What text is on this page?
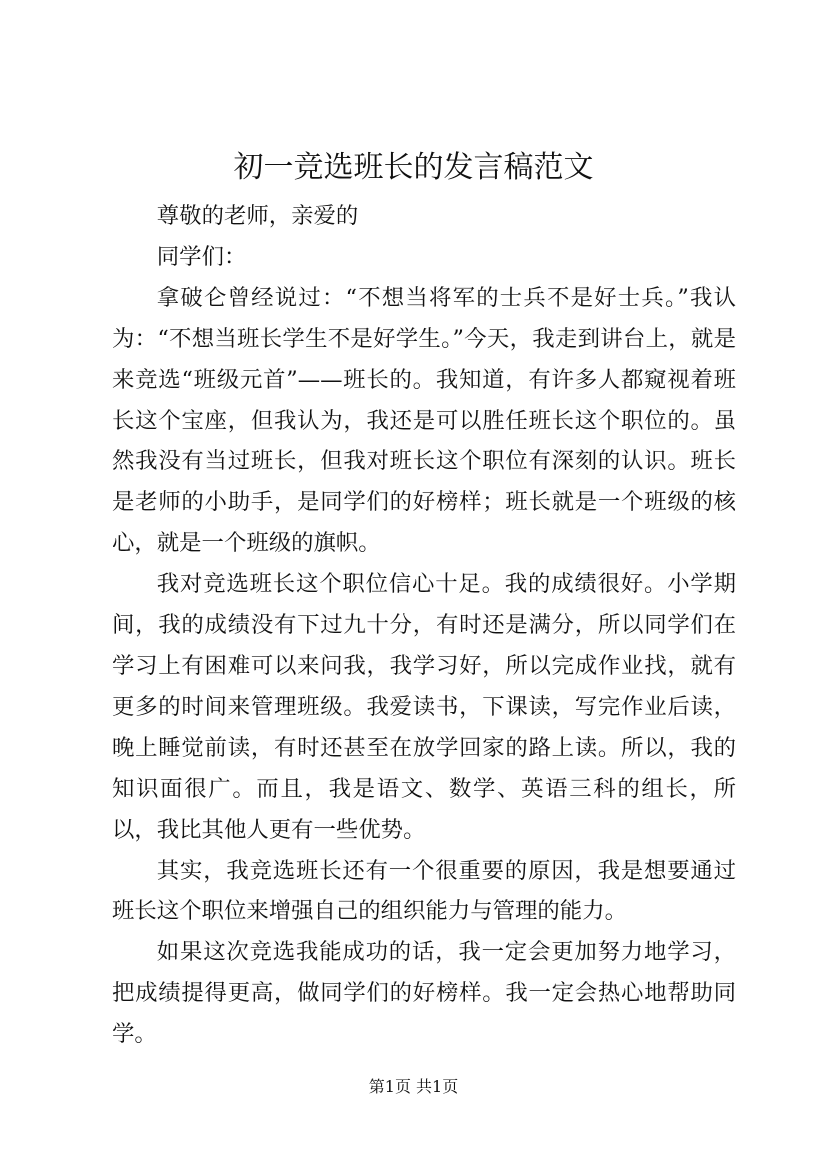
初一竞选班长的发言稿范文

尊敬的老师，亲爱的

同学们：

拿破仑曾经说过：“不想当将军的士兵不是好士兵。”我认为：“不想当班长学生不是好学生。”今天，我走到讲台上，就是来竞选“班级元首”——班长的。我知道，有许多人都窥视着班长这个宝座，但我认为，我还是可以胜任班长这个职位的。虽然我没有当过班长，但我对班长这个职位有深刻的认识。班长是老师的小助手，是同学们的好榜样；班长就是一个班级的核心，就是一个班级的旗帜。

我对竞选班长这个职位信心十足。我的成绩很好。小学期间，我的成绩没有下过九十分，有时还是满分，所以同学们在学习上有困难可以来问我，我学习好，所以完成作业找，就有更多的时间来管理班级。我爱读书，下课读，写完作业后读，晚上睡觉前读，有时还甚至在放学回家的路上读。所以，我的知识面很广。而且，我是语文、数学、英语三科的组长，所以，我比其他人更有一些优势。

其实，我竞选班长还有一个很重要的原因，我是想要通过班长这个职位来增强自己的组织能力与管理的能力。

如果这次竞选我能成功的话，我一定会更加努力地学习，把成绩提得更高，做同学们的好榜样。我一定会热心地帮助同学。

第1页 共1页
